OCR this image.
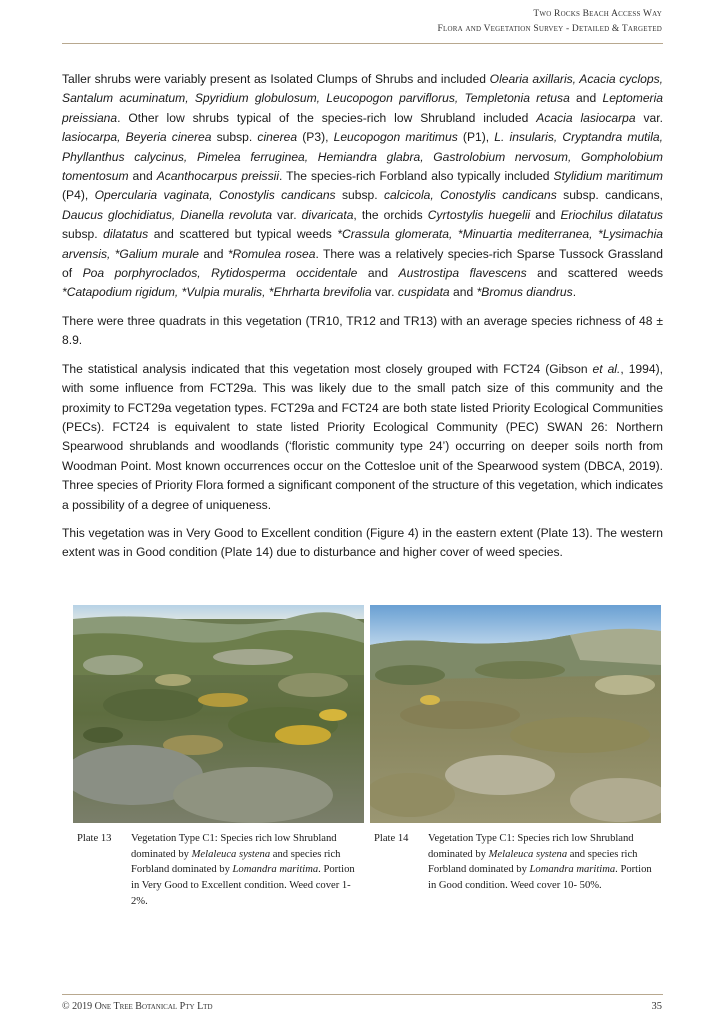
Two Rocks Beach Access Way
Flora and Vegetation Survey - Detailed & Targeted

Taller shrubs were variably present as Isolated Clumps of Shrubs and included Olearia axillaris, Acacia cyclops, Santalum acuminatum, Spyridium globulosum, Leucopogon parviflorus, Templetonia retusa and Leptomeria preissiana. Other low shrubs typical of the species-rich low Shrubland included Acacia lasiocarpa var. lasiocarpa, Beyeria cinerea subsp. cinerea (P3), Leucopogon maritimus (P1), L. insularis, Cryptandra mutila, Phyllanthus calycinus, Pimelea ferruginea, Hemiandra glabra, Gastrolobium nervosum, Gompholobium tomentosum and Acanthocarpus preissii. The species-rich Forbland also typically included Stylidium maritimum (P4), Opercularia vaginata, Conostylis candicans subsp. calcicola, Conostylis candicans subsp. candicans, Daucus glochidiatus, Dianella revoluta var. divaricata, the orchids Cyrtostylis huegelii and Eriochilus dilatatus subsp. dilatatus and scattered but typical weeds *Crassula glomerata, *Minuartia mediterranea, *Lysimachia arvensis, *Galium murale and *Romulea rosea. There was a relatively species-rich Sparse Tussock Grassland of Poa porphyroclados, Rytidosperma occidentale and Austrostipa flavescens and scattered weeds *Catapodium rigidum, *Vulpia muralis, *Ehrharta brevifolia var. cuspidata and *Bromus diandrus.

There were three quadrats in this vegetation (TR10, TR12 and TR13) with an average species richness of 48 ± 8.9.

The statistical analysis indicated that this vegetation most closely grouped with FCT24 (Gibson et al., 1994), with some influence from FCT29a. This was likely due to the small patch size of this community and the proximity to FCT29a vegetation types. FCT29a and FCT24 are both state listed Priority Ecological Communities (PECs). FCT24 is equivalent to state listed Priority Ecological Community (PEC) SWAN 26: Northern Spearwood shrublands and woodlands (‘floristic community type 24’) occurring on deeper soils north from Woodman Point. Most known occurrences occur on the Cottesloe unit of the Spearwood system (DBCA, 2019). Three species of Priority Flora formed a significant component of the structure of this vegetation, which indicates a possibility of a degree of uniqueness.

This vegetation was in Very Good to Excellent condition (Figure 4) in the eastern extent (Plate 13). The western extent was in Good condition (Plate 14) due to disturbance and higher cover of weed species.

Plate 13 Vegetation Type C1: Species rich low Shrubland dominated by Melaleuca systena and species rich Forbland dominated by Lomandra maritima. Portion in Very Good to Excellent condition. Weed cover 1-2%.
Plate 14 Vegetation Type C1: Species rich low Shrubland dominated by Melaleuca systena and species rich Forbland dominated by Lomandra maritima. Portion in Good condition. Weed cover 10- 50%.
© 2019 One Tree Botanical Pty Ltd	35
